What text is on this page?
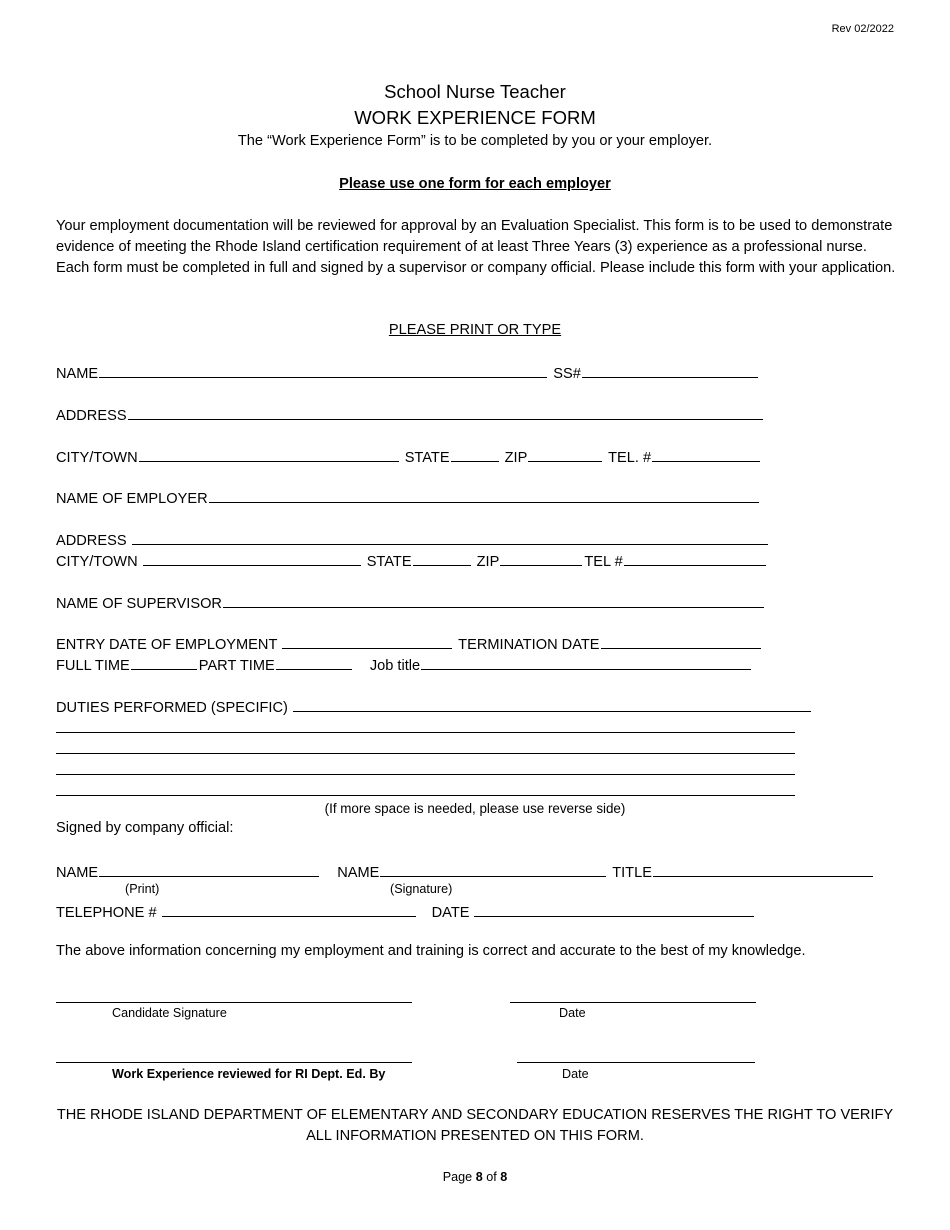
Rev 02/2022
School Nurse Teacher
WORK EXPERIENCE FORM
The “Work Experience Form” is to be completed by you or your employer.
Please use one form for each employer
Your employment documentation will be reviewed for approval by an Evaluation Specialist. This form is to be used to demonstrate evidence of meeting the Rhode Island certification requirement of at least Three Years (3) experience as a professional nurse. Each form must be completed in full and signed by a supervisor or company official. Please include this form with your application.
PLEASE PRINT OR TYPE
NAME	SS#
ADDRESS
CITY/TOWN	STATE	ZIP	TEL. #
NAME OF EMPLOYER
ADDRESS
CITY/TOWN	STATE	ZIP	TEL #
NAME OF SUPERVISOR
ENTRY DATE OF EMPLOYMENT	TERMINATION DATE
FULL TIME	PART TIME	Job title
DUTIES PERFORMED (SPECIFIC)
(If more space is needed, please use reverse side)
Signed by company official:
NAME	NAME	TITLE
(Print)	(Signature)
TELEPHONE #	DATE
The above information concerning my employment and training is correct and accurate to the best of my knowledge.
Candidate Signature	Date
Work Experience reviewed for RI Dept. Ed. By	Date
THE RHODE ISLAND DEPARTMENT OF ELEMENTARY AND SECONDARY EDUCATION RESERVES THE RIGHT TO VERIFY ALL INFORMATION PRESENTED ON THIS FORM.
Page 8 of 8
